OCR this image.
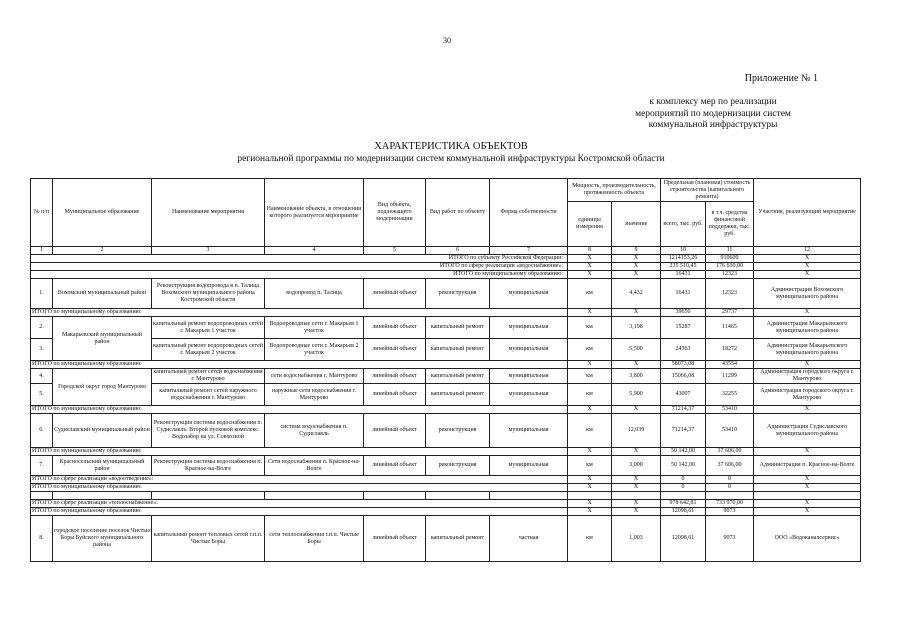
30
Приложение № 1
к комплексу мер по реализации
мероприятий по модернизации систем
коммунальной инфраструктуры
ХАРАКТЕРИСТИКА ОБЪЕКТОВ
региональной программы по модернизации систем коммунальной инфраструктуры Костромской области
№ п/п	Муниципальное образование	Наименование мероприятия	Наименование объекта, в отношении которого реализуется мероприятие	Вид объекта, подлежащего модернизации	Вид работ по объекту	Форма собственности	Мощность, производительность, протяженность объекта		Предельная (плановая) стоимость строительства (капитального ремонта)		Участник, реализующий мероприятие
							единицы измерения	значение	всего, тыс. руб.	в т.ч. средства финансовой поддержки, тыс. руб.	
1	2	3	4	5	6	7	8	9	10	11	12
ИТОГО по субъекту Российской Федерации:							Х	Х	1214153,26	910600	Х
ИТОГО по сфере реализации «водоснабжение»:							Х	Х	235 510,45	176 630,00	Х
ИТОГО по муниципальному образованию:							Х	Х	16431	12323	Х
1.	Вохомский муниципальный район	Реконструкция водопровода в п. Талица Вохомского муниципального района Костромской области	водопровод п. Талица	линейный объект	реконструкция	муниципальная	км	4,432	16431	12323	Администрация Вохомского муниципального района
ИТОГО по муниципальному образованию:							Х	Х	39650	29737	Х
2.	Макарьевский муниципальный район	капитальный ремонт водопроводных сетей г. Макарьев 1 участок	Водопроводные сети г. Макарьев 1 участок	линейный объект	капитальный ремонт	муниципальная	км	3,198	15287	11465	Администрация Макарьевского муниципального района
3.		капитальный ремонт водопроводных сетей г. Макарьев 2 участок	Водопроводные сети г. Макарьев 2 участок	линейный объект	капитальный ремонт	муниципальная	км	5,500	24363	18272	Администрация Макарьевского муниципального района
ИТОГО по муниципальному образованию:							Х	Х	58073,08	43554	Х
4.	Городской округ город Мантурово	капитальный ремонт сетей водоснабжения г. Мантурово	сети водоснабжения г. Мантурово	линейный объект	капитальный ремонт	муниципальная	км	3,800	15066,08	11299	Администрация городского округа г. Мантурово
5.		капитальный ремонт сетей наружного водоснабжения г. Мантурово	наружные сети водоснабжения г. Мантурово	линейный объект	капитальный ремонт	муниципальная	км	5,900	43007	32255	Администрация городского округа г. Мантурово
ИТОГО по муниципальному образованию:							Х	Х	71214,37	53410	Х
6.	Судиславский муниципальный район	Реконструкция системы водоснабжения п. Судиславль. Второй пусковой комплекс. Водозабор на ул. Совхозной	система водоснабжения п. Судиславль	линейный объект	реконструкция	муниципальная	км	12,039	71214,37	53410	Администрация Судиславского муниципального района
ИТОГО по муниципальному образованию:							Х	Х	50 142,00	37 606,00	Х
7.	Красносельский муниципальный район	Реконструкция системы водоснабжения п. Красное-на-Волге	Сети водоснабжения п. Красное-на-Волге	линейный объект	реконструкция	муниципальная	км	3,000	50 142,00	37 606,00	Администрация п. Красное-на-Волге
ИТОГО по сфере реализации «водоотведение»:							Х	Х	0	0	Х
ИТОГО по муниципальному образованию:							Х	Х	0	0	Х

ИТОГО по сфере реализации «теплоснабжение»:							Х	Х	978 642,81	733 970,00	Х
ИТОГО по муниципальному образованию:							Х	Х	12098,61	9073	Х
8.	городское поселение поселок Чистые Боры Буйского муниципального района	капитальный ремонт тепловых сетей г.п.п. Чистые Боры	сети теплоснабжения г.п.п. Чистые Боры	линейный объект	капитальный ремонт	частная	км	1,003	12098,61	9073	ООО «Водоканалсервис»
